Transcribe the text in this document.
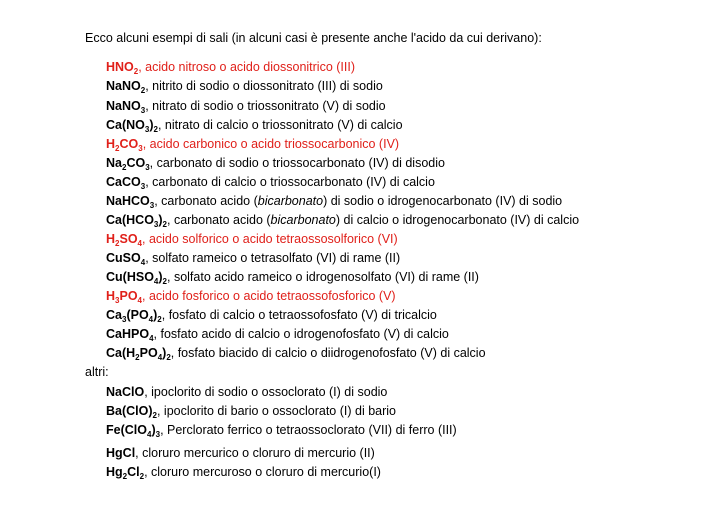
Ecco alcuni esempi di sali (in alcuni casi è presente anche l'acido da cui derivano):
$HNO_2$, acido nitroso o acido diossonitrico (III)
NaNO$_2$, nitrito di sodio o diossonitrato (III) di sodio
NaNO$_3$, nitrato di sodio o triossonitrato (V) di sodio
$Ca(NO_3)_2$, nitrato di calcio o triossonitrato (V) di calcio
$H_2CO_3$, acido carbonico o acido triossocarbonico (IV)
$Na_2CO_3$, carbonato di sodio o triossocarbonato (IV) di disodio
CaCO$_3$, carbonato di calcio o triossocarbonato (IV) di calcio
NaHCO$_3$, carbonato acido (bicarbonato) di sodio o idrogenocarbonato (IV) di sodio
$Ca(HCO_3)_2$, carbonato acido (bicarbonato) di calcio o idrogenocarbonato (IV) di calcio
$H_2SO_4$, acido solforico o acido tetraossosolforico (VI)
CuSO$_4$, solfato rameico o tetrasolfato (VI) di rame (II)
$Cu(HSO_4)_2$, solfato acido rameico o idrogenosolfato (VI) di rame (II)
$H_3PO_4$, acido fosforico o acido tetraossofosforico (V)
$Ca_3(PO_4)_2$, fosfato di calcio o tetraossofosfato (V) di tricalcio
CaHPO$_4$, fosfato acido di calcio o idrogenofosfato (V) di calcio
$Ca(H_2PO_4)_2$, fosfato biacido di calcio o diidrogenofosfato (V) di calcio
NaClO, ipoclorito di sodio o ossoclorato (I) di sodio
$Ba(ClO)_2$, ipoclorito di bario o ossoclorato (I) di bario
$Fe(ClO_4)_3$, Perclorato ferrico o tetraossoclorato (VII) di ferro (III)
HgCl, cloruro mercurico o cloruro di mercurio (II)
$Hg_2Cl_2$, cloruro mercuroso o cloruro di mercurio(I)
altri:
